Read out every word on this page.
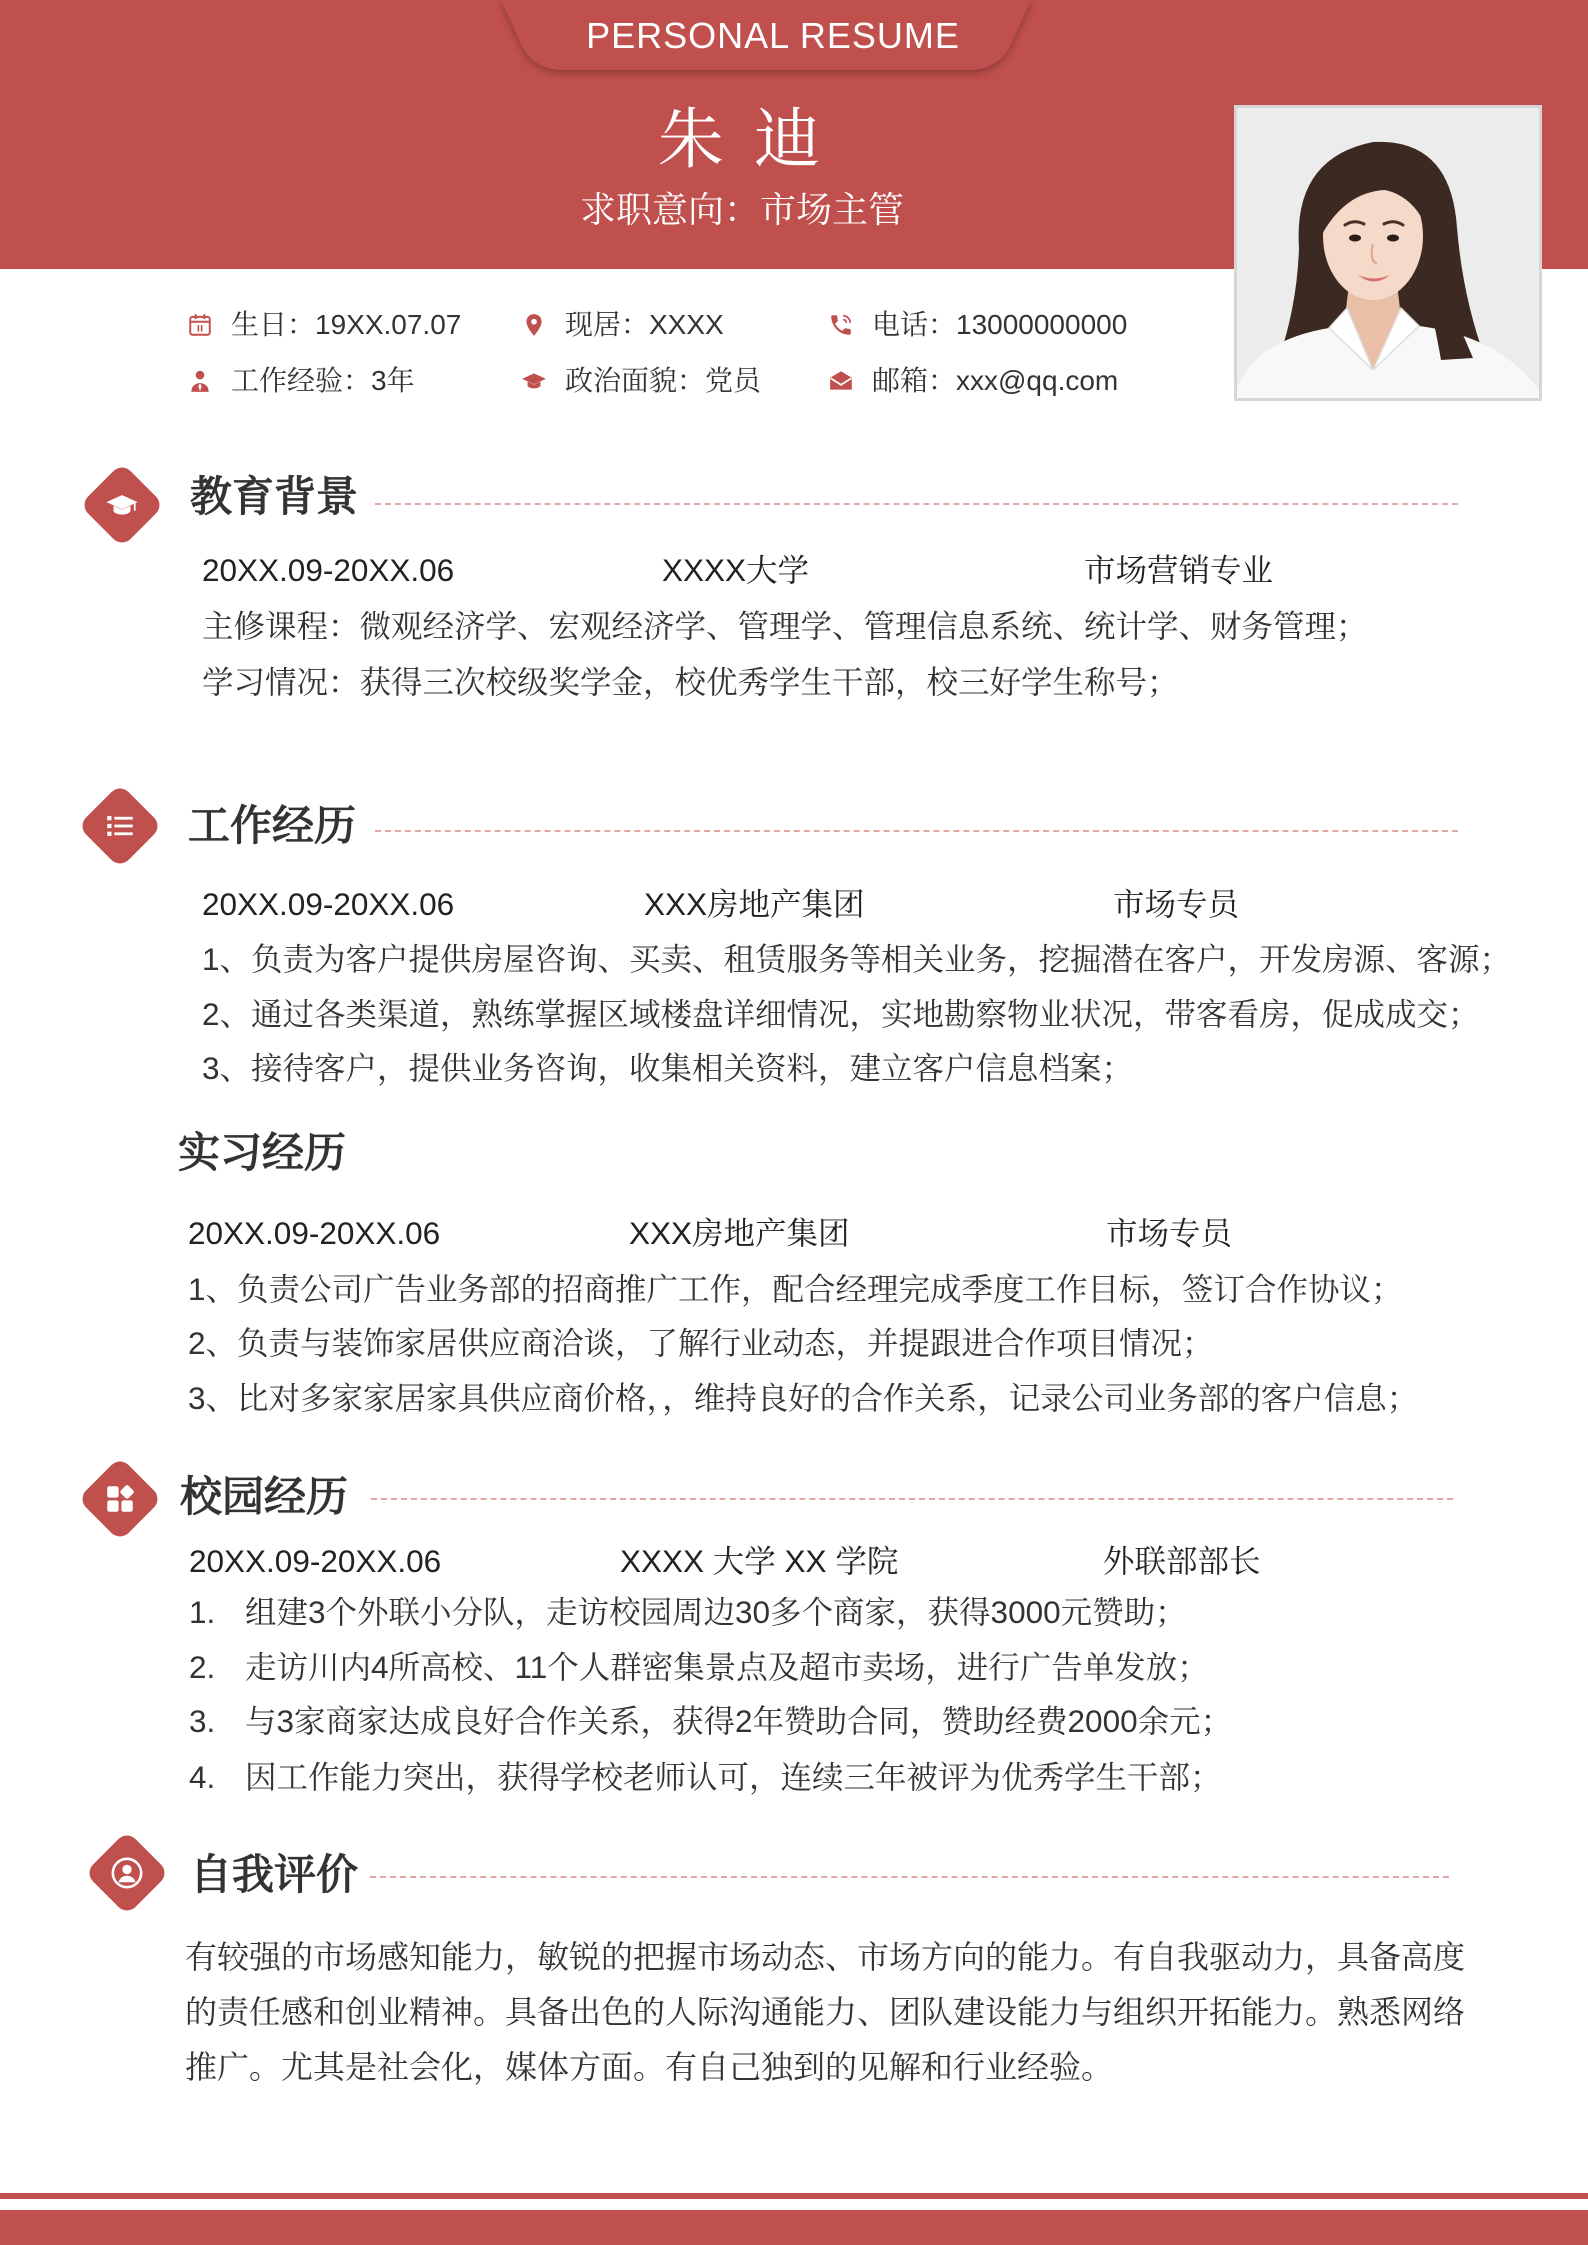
PERSONAL RESUME
朱 迪
求职意向：市场主管
生日：19XX.07.07	现居：XXXX	电话：13000000000
工作经验：3年	政治面貌：党员	邮箱：xxx@qq.com
教育背景
20XX.09-20XX.06	XXXX大学	市场营销专业
主修课程：微观经济学、宏观经济学、管理学、管理信息系统、统计学、财务管理；
学习情况：获得三次校级奖学金，校优秀学生干部，校三好学生称号；
工作经历
20XX.09-20XX.06	XXX房地产集团	市场专员
1、负责为客户提供房屋咨询、买卖、租赁服务等相关业务，挖掘潜在客户，开发房源、客源；
2、通过各类渠道，熟练掌握区域楼盘详细情况，实地勘察物业状况，带客看房，促成成交；
3、接待客户，提供业务咨询，收集相关资料，建立客户信息档案；
实习经历
20XX.09-20XX.06	XXX房地产集团	市场专员
1、负责公司广告业务部的招商推广工作，配合经理完成季度工作目标，签订合作协议；
2、负责与装饰家居供应商洽谈，了解行业动态，并提跟进合作项目情况；
3、比对多家家居家具供应商价格，，维持良好的合作关系，记录公司业务部的客户信息；
校园经历
20XX.09-20XX.06	XXXX 大学 XX 学院	外联部部长
1. 组建3个外联小分队，走访校园周边30多个商家，获得3000元赞助；
2. 走访川内4所高校、11个人群密集景点及超市卖场，进行广告单发放；
3. 与3家商家达成良好合作关系，获得2年赞助合同，赞助经费2000余元；
4. 因工作能力突出，获得学校老师认可，连续三年被评为优秀学生干部；
自我评价
有较强的市场感知能力，敏锐的把握市场动态、市场方向的能力。有自我驱动力，具备高度的责任感和创业精神。具备出色的人际沟通能力、团队建设能力与组织开拓能力。熟悉网络推广。尤其是社会化，媒体方面。有自己独到的见解和行业经验。
